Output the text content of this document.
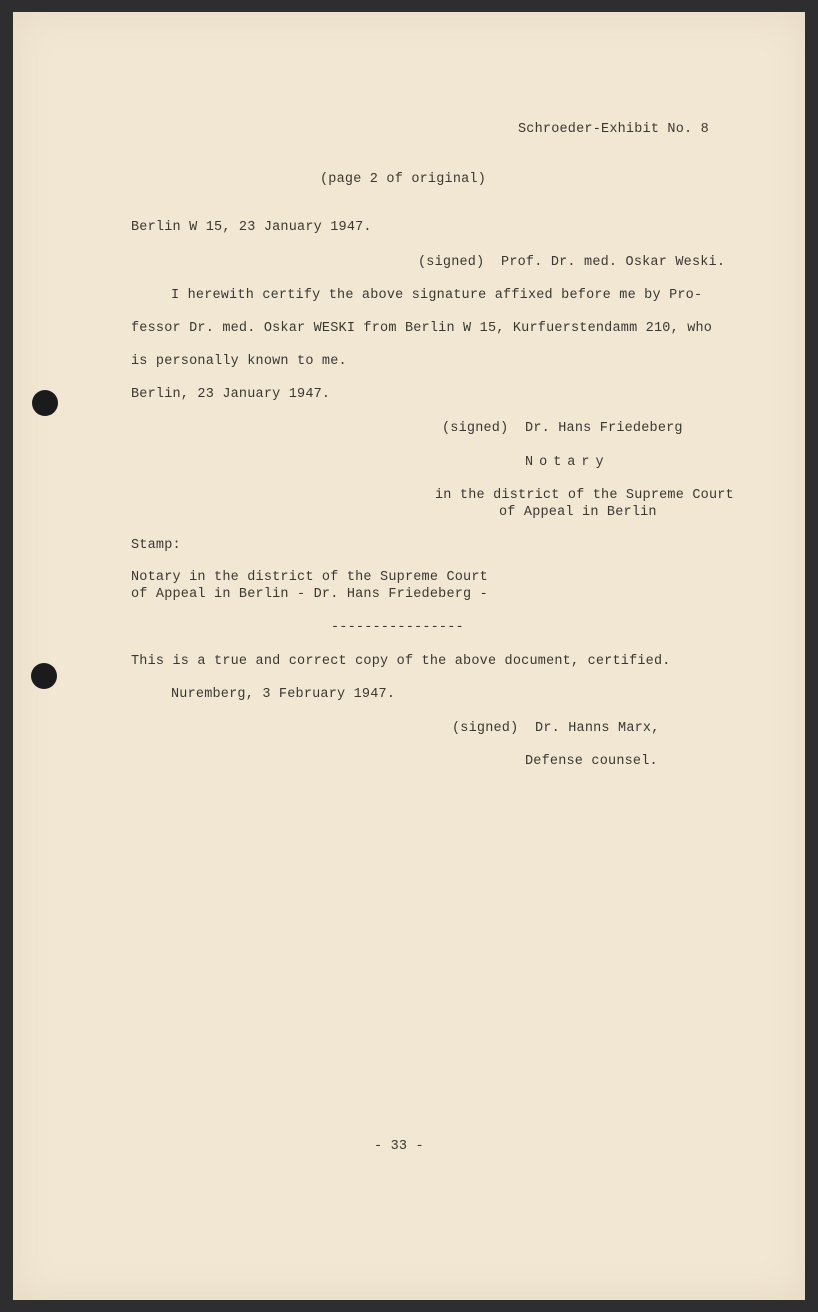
Schroeder-Exhibit No. 8
(page 2 of original)
Berlin W 15, 23 January 1947.
(signed)  Prof. Dr. med. Oskar Weski.
I herewith certify the above signature affixed before me by Pro-
fessor Dr. med. Oskar WESKI from Berlin W 15, Kurfuerstendamm 210, who
is personally known to me.
Berlin, 23 January 1947.
(signed)  Dr. Hans Friedeberg
Notary
in the district of the Supreme Court
of Appeal in Berlin
Stamp:
Notary in the district of the Supreme Court
of Appeal in Berlin - Dr. Hans Friedeberg -
----------------
This is a true and correct copy of the above document, certified.
Nuremberg, 3 February 1947.
(signed)  Dr. Hanns Marx,
Defense counsel.
- 33 -
